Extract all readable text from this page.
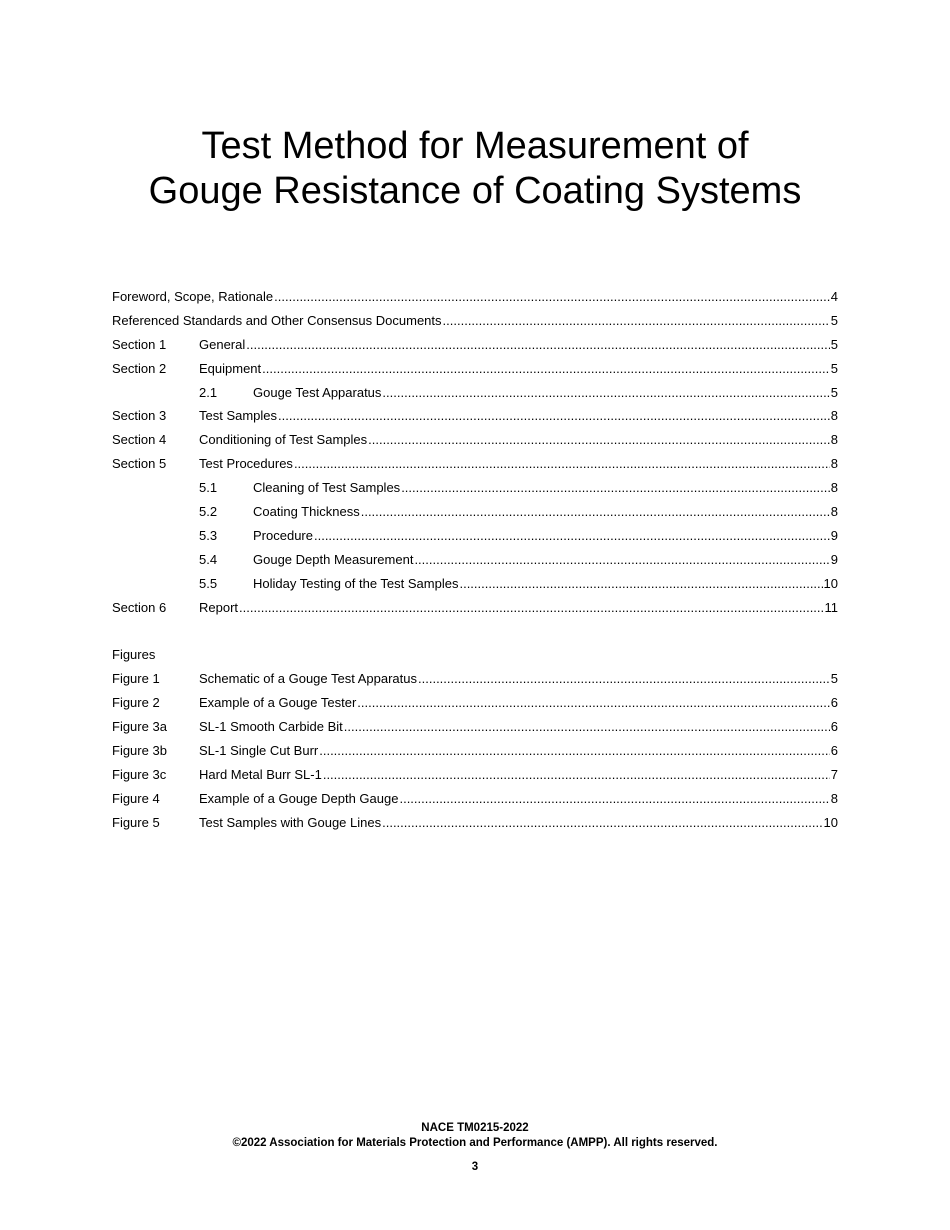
Test Method for Measurement of
Gouge Resistance of Coating Systems
Foreword, Scope, Rationale .....	4
Referenced Standards and Other Consensus Documents .....	5
Section 1	General .....	5
Section 2	Equipment .....	5
2.1	Gouge Test Apparatus .....	5
Section 3	Test Samples .....	8
Section 4	Conditioning of Test Samples .....	8
Section 5	Test Procedures .....	8
5.1	Cleaning of Test Samples .....	8
5.2	Coating Thickness .....	8
5.3	Procedure .....	9
5.4	Gouge Depth Measurement .....	9
5.5	Holiday Testing of the Test Samples .....	10
Section 6	Report .....	11
Figures
Figure 1	Schematic of a Gouge Test Apparatus .....	5
Figure 2	Example of a Gouge Tester .....	6
Figure 3a	SL-1 Smooth Carbide Bit .....	6
Figure 3b	SL-1 Single Cut Burr .....	6
Figure 3c	Hard Metal Burr SL-1 .....	7
Figure 4	Example of a Gouge Depth Gauge .....	8
Figure 5	Test Samples with Gouge Lines .....	10
NACE TM0215-2022
©2022 Association for Materials Protection and Performance (AMPP). All rights reserved.
3
